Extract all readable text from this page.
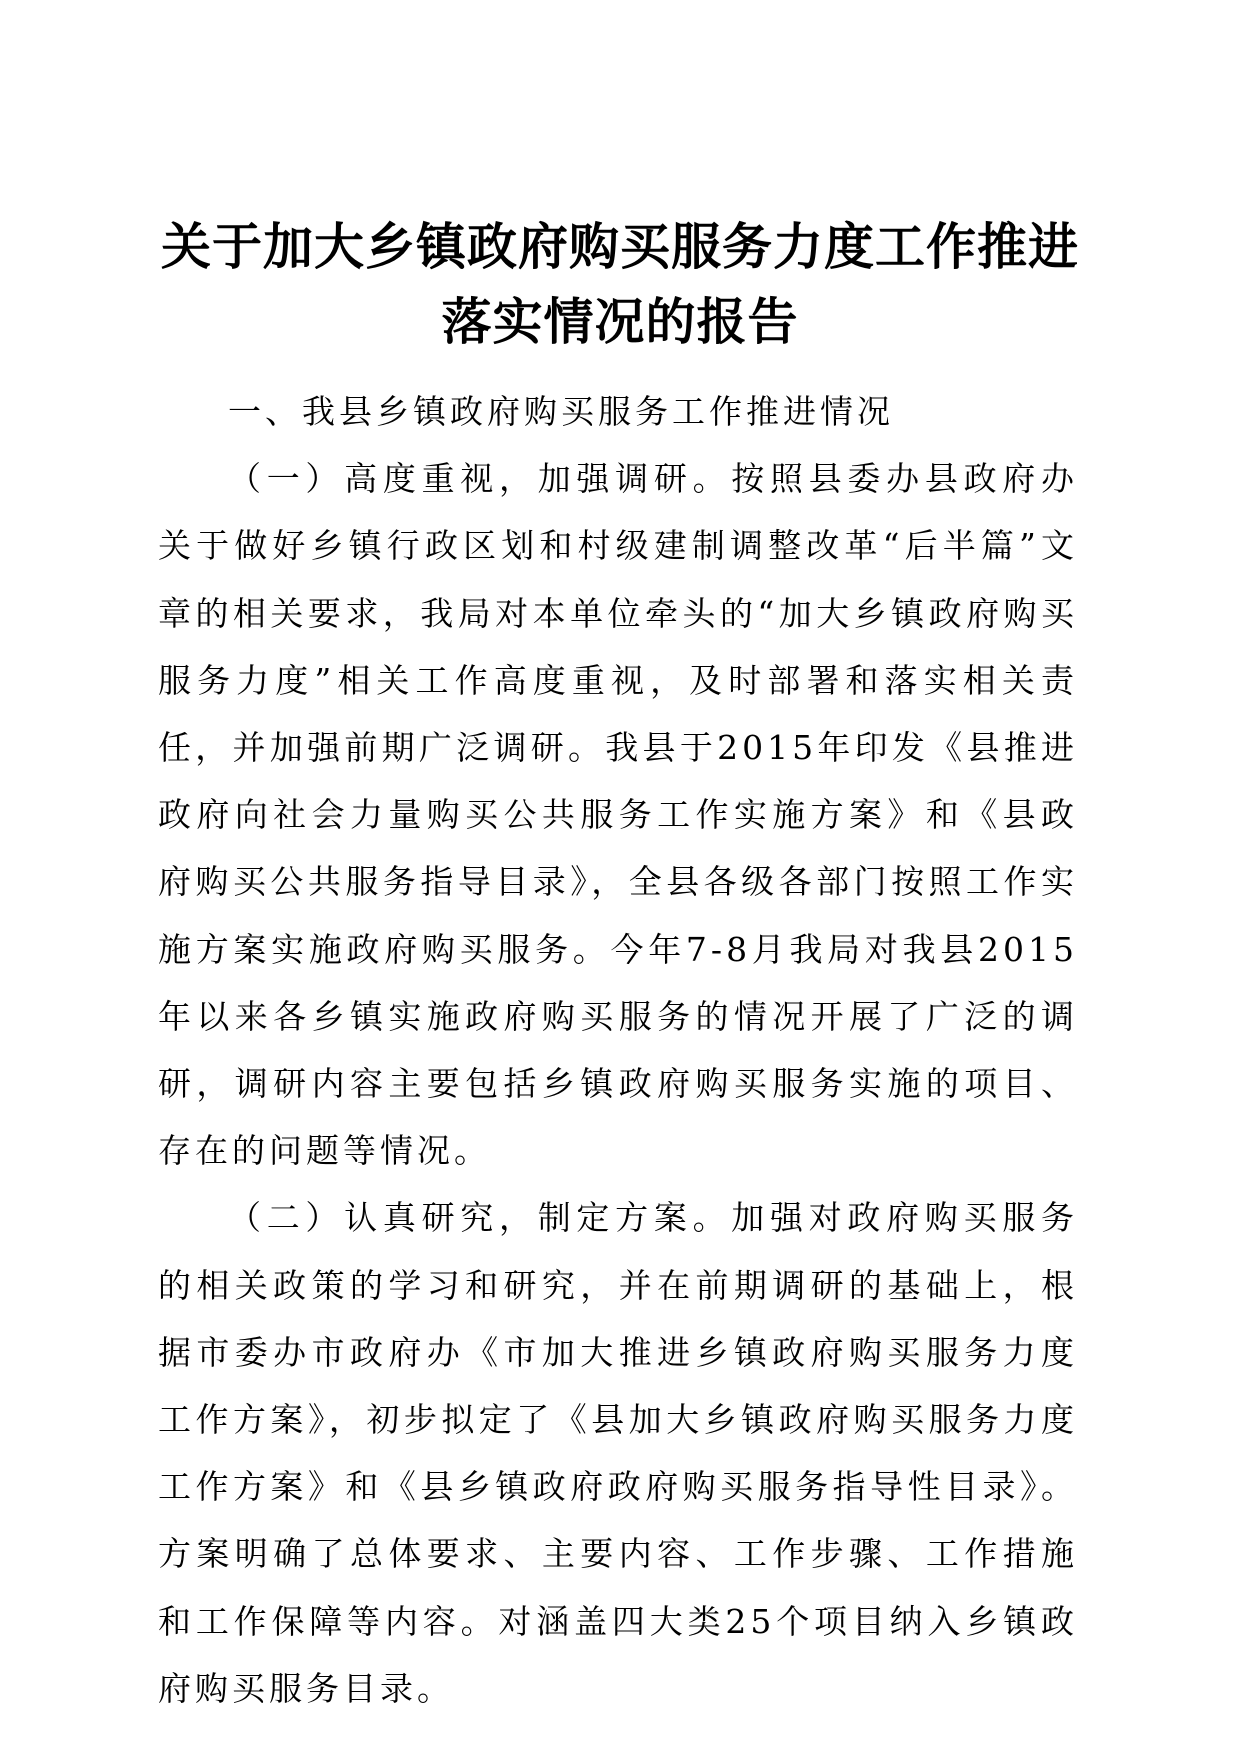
关于加大乡镇政府购买服务力度工作推进落实情况的报告

一、我县乡镇政府购买服务工作推进情况

（一）高度重视，加强调研。按照县委办县政府办关于做好乡镇行政区划和村级建制调整改革“后半篇”文章的相关要求，我局对本单位牵头的“加大乡镇政府购买服务力度”相关工作高度重视，及时部署和落实相关责任，并加强前期广泛调研。我县于2015年印发《县推进政府向社会力量购买公共服务工作实施方案》和《县政府购买公共服务指导目录》，全县各级各部门按照工作实施方案实施政府购买服务。今年7-8月我局对我县2015年以来各乡镇实施政府购买服务的情况开展了广泛的调研，调研内容主要包括乡镇政府购买服务实施的项目、存在的问题等情况。

（二）认真研究，制定方案。加强对政府购买服务的相关政策的学习和研究，并在前期调研的基础上，根据市委办市政府办《市加大推进乡镇政府购买服务力度工作方案》，初步拟定了《县加大乡镇政府购买服务力度工作方案》和《县乡镇政府政府购买服务指导性目录》。方案明确了总体要求、主要内容、工作步骤、工作措施和工作保障等内容。对涵盖四大类25个项目纳入乡镇政府购买服务目录。
